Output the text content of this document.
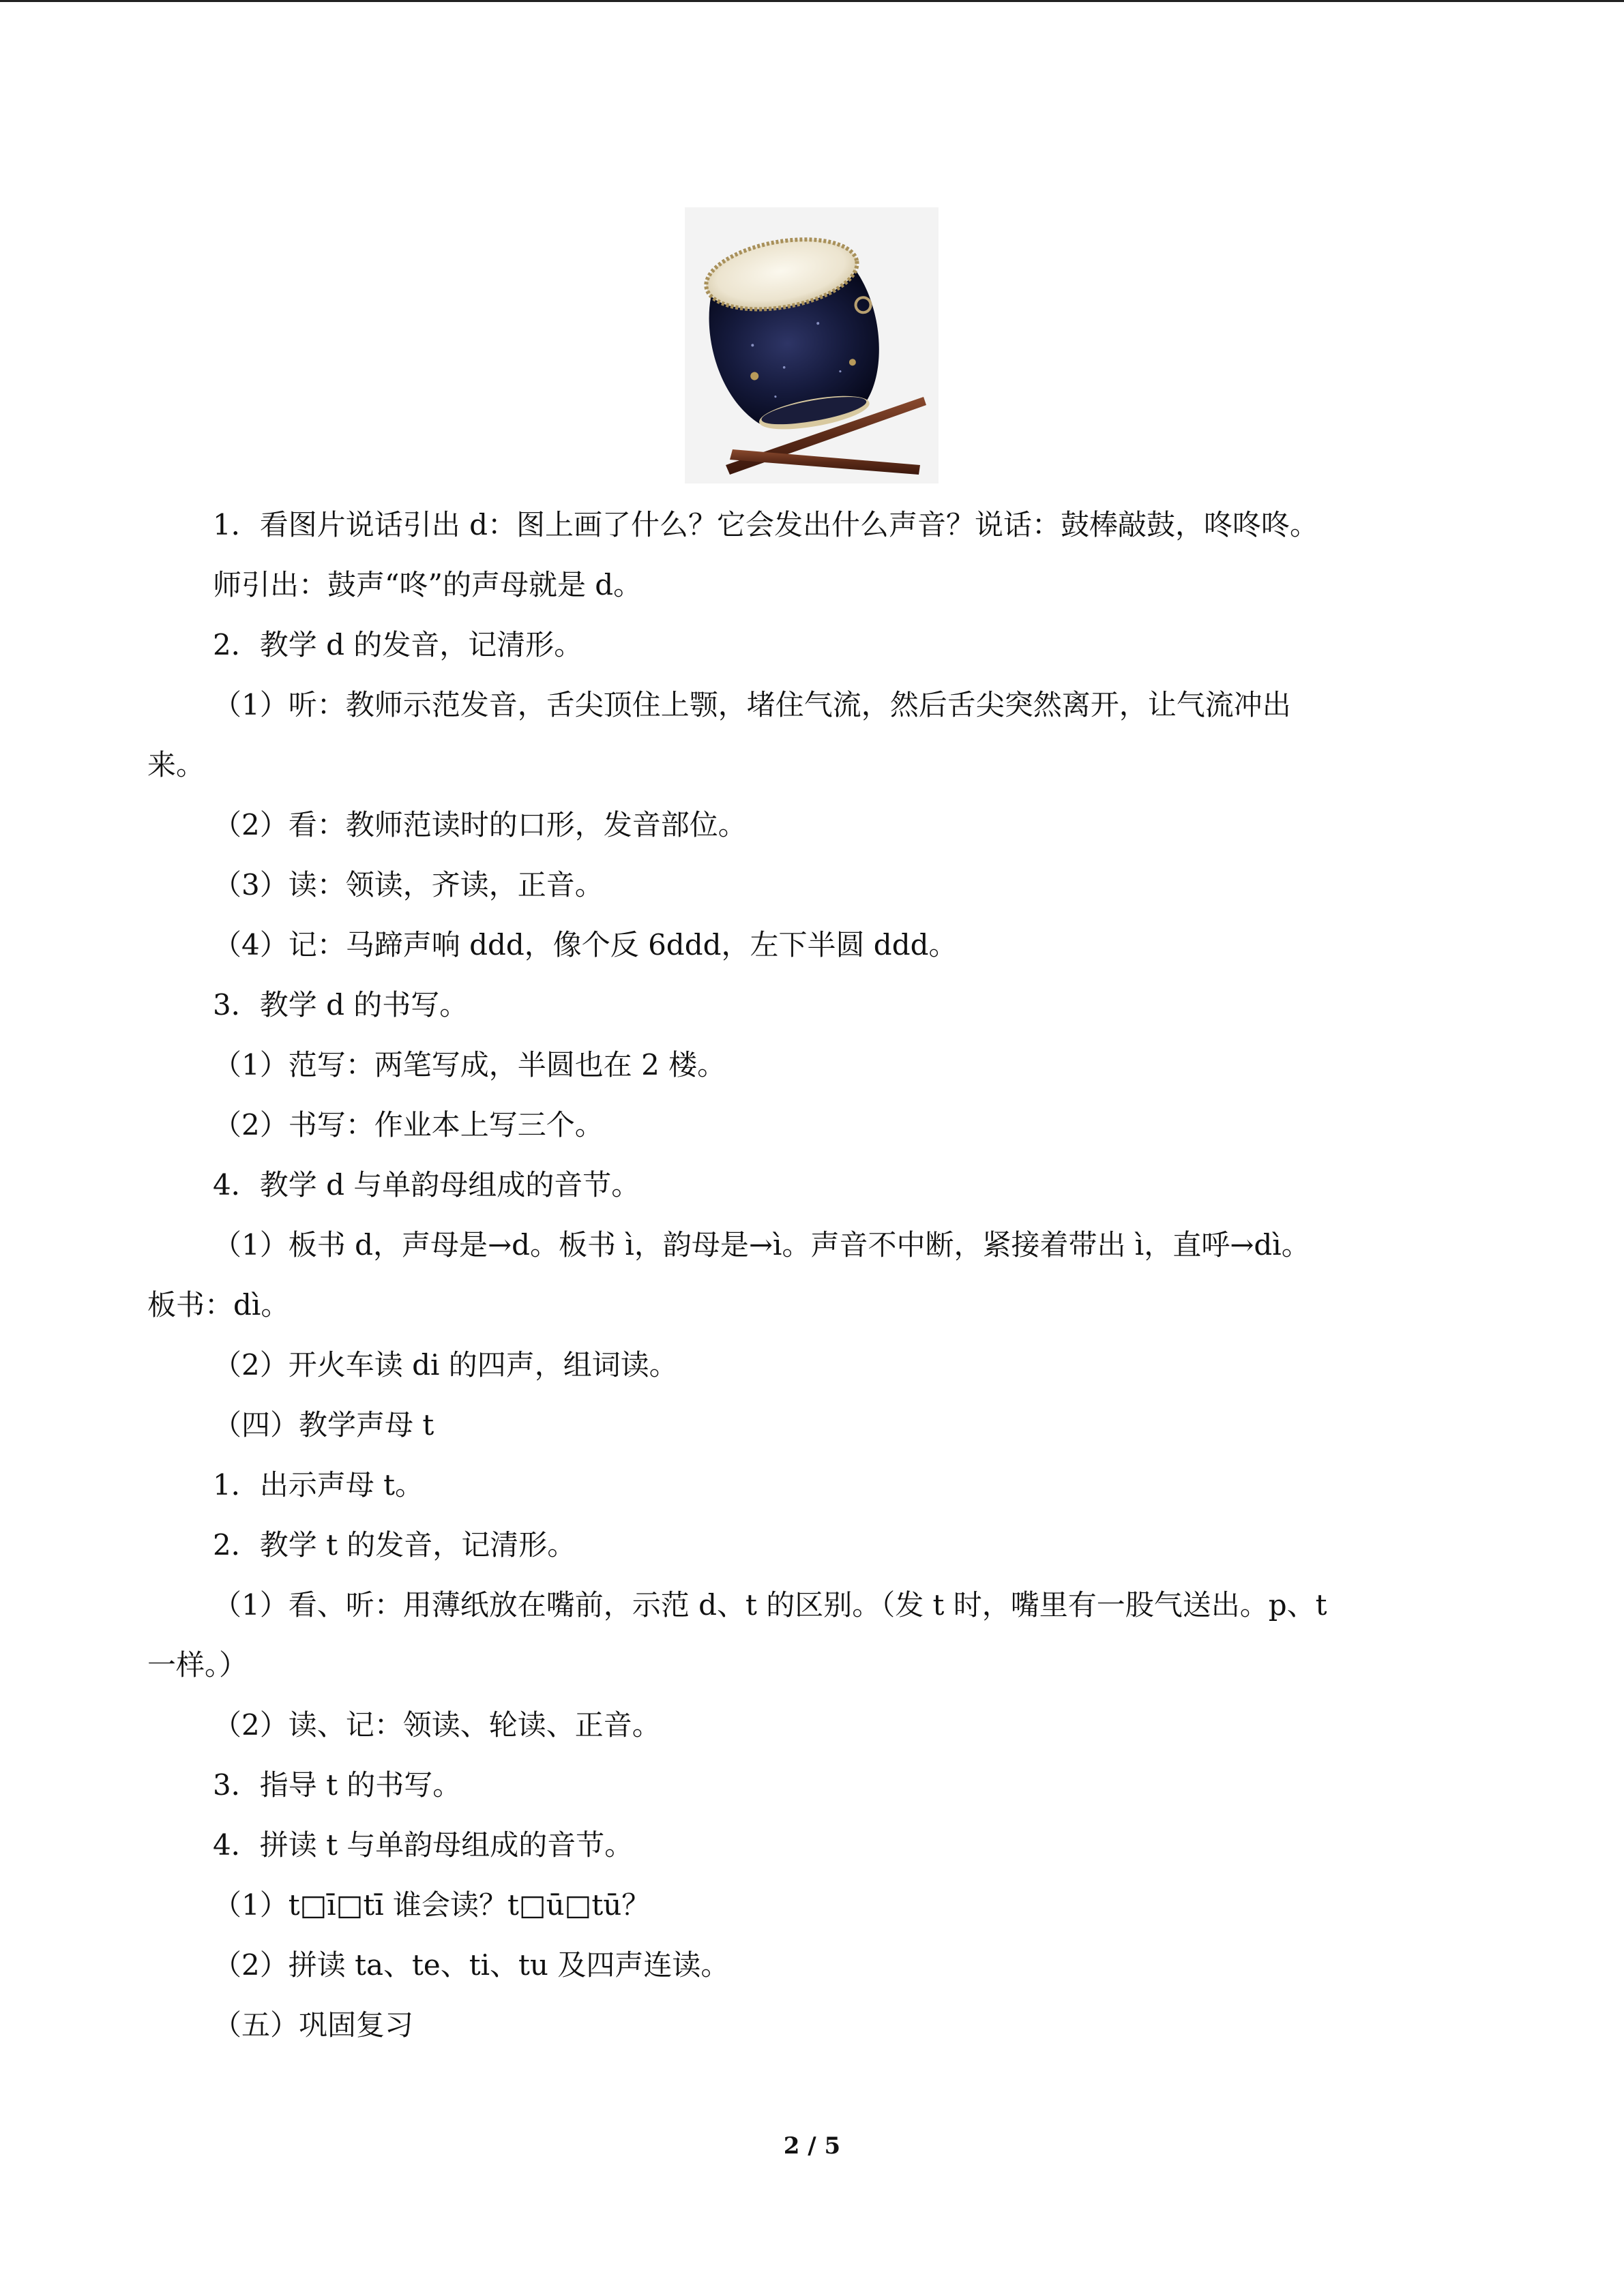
1．看图片说话引出 d：图上画了什么？它会发出什么声音？说话：鼓棒敲鼓，咚咚咚。
师引出：鼓声“咚”的声母就是 d。
2．教学 d 的发音，记清形。
（1）听：教师示范发音，舌尖顶住上颚，堵住气流，然后舌尖突然离开，让气流冲出
来。
（2）看：教师范读时的口形，发音部位。
（3）读：领读，齐读，正音。
（4）记：马蹄声响 ddd，像个反 6ddd，左下半圆 ddd。
3．教学 d 的书写。
（1）范写：两笔写成，半圆也在 2 楼。
（2）书写：作业本上写三个。
4．教学 d 与单韵母组成的音节。
（1）板书 d，声母是→d。板书 ì，韵母是→ì。声音不中断，紧接着带出 ì，直呼→dì。
板书：dì。
（2）开火车读 di 的四声，组词读。
（四）教学声母 t
1．出示声母 t。
2．教学 t 的发音，记清形。
（1）看、听：用薄纸放在嘴前，示范 d、t 的区别。（发 t 时，嘴里有一股气送出。p、t
一样。）
（2）读、记：领读、轮读、正音。
3．指导 t 的书写。
4．拼读 t 与单韵母组成的音节。
（1）t□ī□tī 谁会读？t□ū□tū？
（2）拼读 ta、te、ti、tu 及四声连读。
（五）巩固复习
2 / 5
